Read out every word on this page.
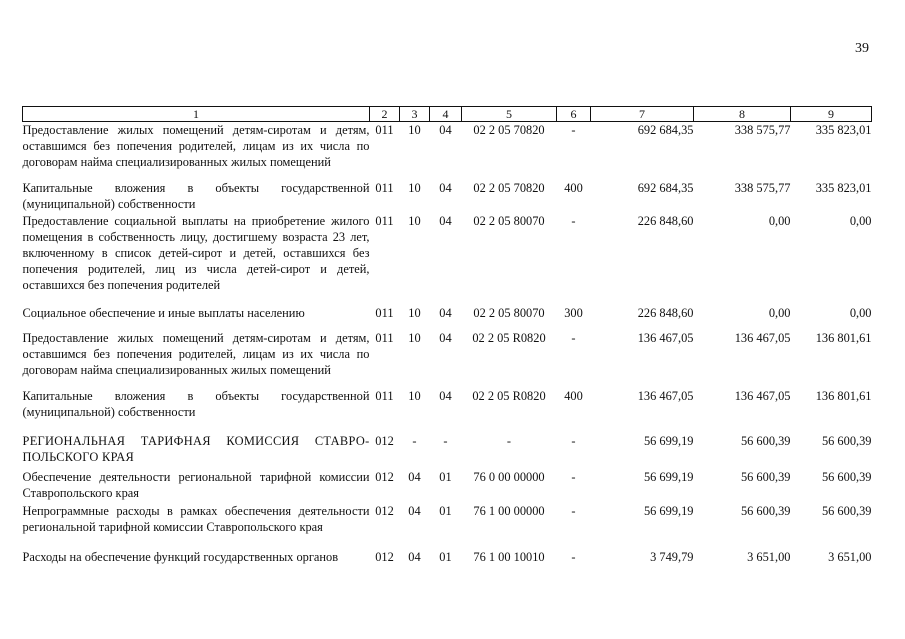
39
1	2	3	4	5	6	7	8	9
Предоставление жилых помещений детям-сиротам и детям, оставшимся без попечения родителей, лицам из их числа по договорам найма специализированных жилых помещений	011	10	04	02 2 05 70820	-	692 684,35	338 575,77	335 823,01
Капитальные вложения в объекты государственной (муниципальной) собственности	011	10	04	02 2 05 70820	400	692 684,35	338 575,77	335 823,01
Предоставление социальной выплаты на приобретение жилого помещения в собственность лицу, достигшему возраста 23 лет, включенному в список детей-сирот и детей, оставшихся без попечения родителей, лиц из числа детей-сирот и детей, оставшихся без попечения родителей	011	10	04	02 2 05 80070	-	226 848,60	0,00	0,00
Социальное обеспечение и иные выплаты населению	011	10	04	02 2 05 80070	300	226 848,60	0,00	0,00
Предоставление жилых помещений детям-сиротам и детям, оставшимся без попечения родителей, лицам из их числа по договорам найма специализированных жилых помещений	011	10	04	02 2 05 R0820	-	136 467,05	136 467,05	136 801,61
Капитальные вложения в объекты государственной (муниципальной) собственности	011	10	04	02 2 05 R0820	400	136 467,05	136 467,05	136 801,61
РЕГИОНАЛЬНАЯ ТАРИФНАЯ КОМИССИЯ СТАВРО-ПОЛЬСКОГО КРАЯ	012	-	-	-	-	56 699,19	56 600,39	56 600,39
Обеспечение деятельности региональной тарифной комиссии Ставропольского края	012	04	01	76 0 00 00000	-	56 699,19	56 600,39	56 600,39
Непрограммные расходы в рамках обеспечения деятельности региональной тарифной комиссии Ставропольского края	012	04	01	76 1 00 00000	-	56 699,19	56 600,39	56 600,39
Расходы на обеспечение функций государственных органов	012	04	01	76 1 00 10010	-	3 749,79	3 651,00	3 651,00
